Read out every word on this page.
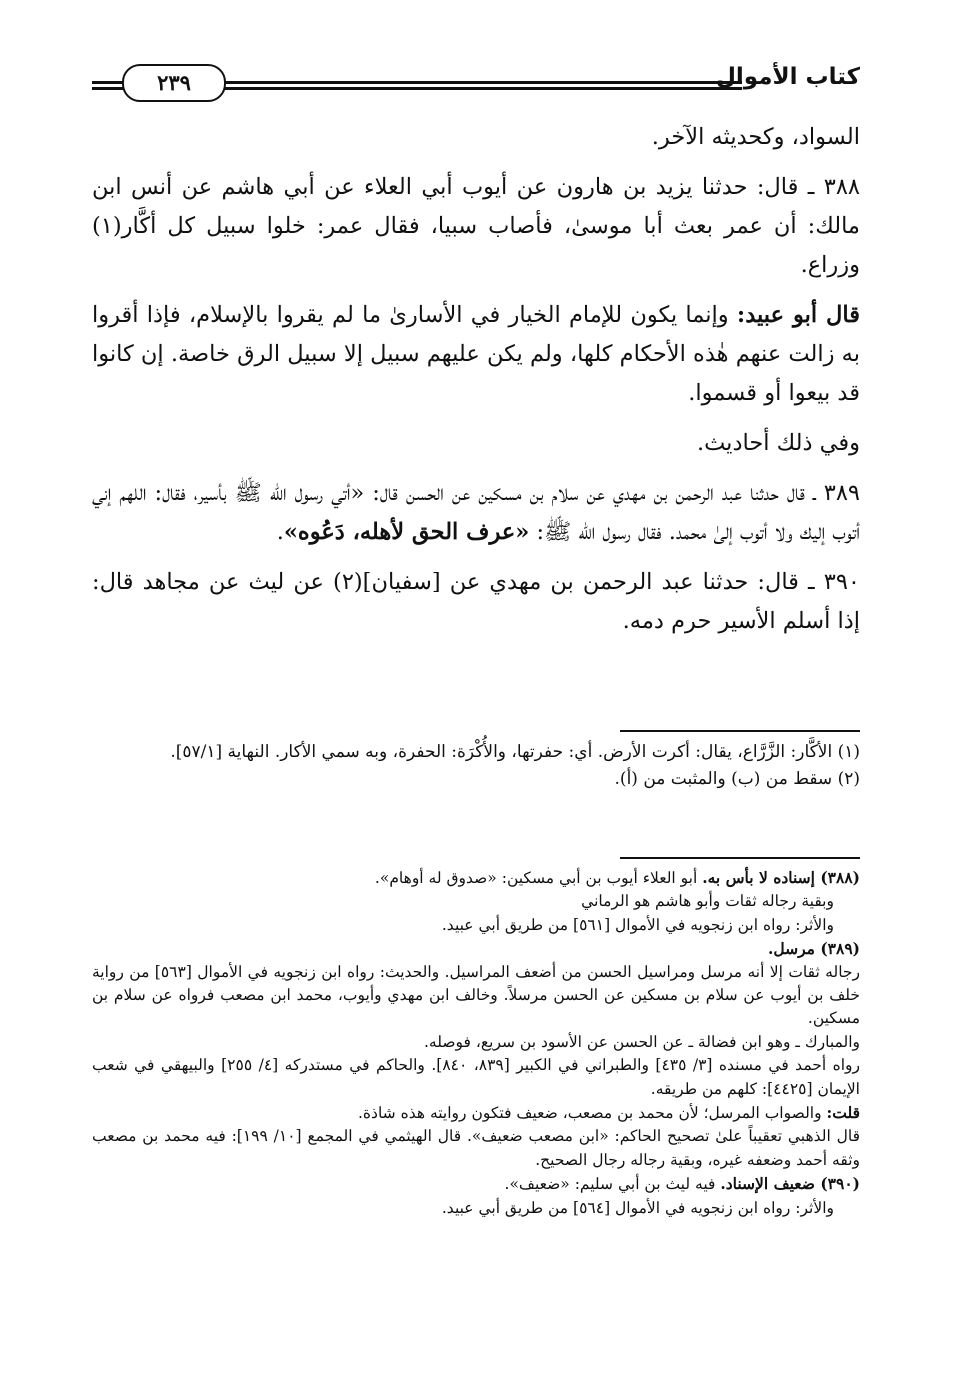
كتاب الأموال
٢٣٩

السواد، وكحديثه الآخر.

٣٨٨ ـ قال: حدثنا يزيد بن هارون عن أيوب أبي العلاء عن أبي هاشم عن أنس ابن مالك: أن عمر بعث أبا موسىٰ، فأصاب سبيا، فقال عمر: خلوا سبيل كل أكَّار(١) وزراع.

قال أبو عبيد: وإنما يكون للإمام الخيار في الأسارىٰ ما لم يقروا بالإسلام، فإذا أقروا به زالت عنهم هٰذه الأحكام كلها، ولم يكن عليهم سبيل إلا سبيل الرق خاصة. إن كانوا قد بيعوا أو قسموا.

وفي ذلك أحاديث.

٣٨٩ ـ قال حدثنا عبد الرحمن بن مهدي عن سلام بن مسكين عن الحسن قال: «أتي رسول الله ﷺ بأسير، فقال: اللهم إني أتوب إليك ولا أتوب إلىٰ محمد. فقال رسول الله ﷺ: «عرف الحق لأهله، دَعُوه».

٣٩٠ ـ قال: حدثنا عبد الرحمن بن مهدي عن [سفيان](٢) عن ليث عن مجاهد قال: إذا أسلم الأسير حرم دمه.

(١) الأكَّار: الزَّرَّاع، يقال: أكرت الأرض. أي: حفرتها، والأُكْرَة: الحفرة، وبه سمي الأكار. النهاية [٥٧/١].

(٢) سقط من (ب) والمثبت من (أ).

(٣٨٨) إسناده لا بأس به. أبو العلاء أيوب بن أبي مسكين: «صدوق له أوهام».

وبقية رجاله ثقات وأبو هاشم هو الرماني

والأثر: رواه ابن زنجويه في الأموال [٥٦١] من طريق أبي عبيد.

(٣٨٩) مرسل.

رجاله ثقات إلا أنه مرسل ومراسيل الحسن من أضعف المراسيل. والحديث: رواه ابن زنجويه في الأموال [٥٦٣] من رواية خلف بن أيوب عن سلام بن مسكين عن الحسن مرسلاً. وخالف ابن مهدي وأيوب، محمد ابن مصعب فرواه عن سلام بن مسكين.

والمبارك ـ وهو ابن فضالة ـ عن الحسن عن الأسود بن سريع، فوصله.

رواه أحمد في مسنده [٣/ ٤٣٥] والطبراني في الكبير [٨٣٩، ٨٤٠]. والحاكم في مستدركه [٤/ ٢٥٥] والبيهقي في شعب الإيمان [٤٤٢٥]: كلهم من طريقه.

قلت: والصواب المرسل؛ لأن محمد بن مصعب، ضعيف فتكون روايته هذه شاذة.

قال الذهبي تعقيباً علىٰ تصحيح الحاكم: «ابن مصعب ضعيف». قال الهيثمي في المجمع [١٠/ ١٩٩]: فيه محمد بن مصعب وثقه أحمد وضعفه غيره، وبقية رجاله رجال الصحيح.

(٣٩٠) ضعيف الإسناد. فيه ليث بن أبي سليم: «ضعيف».

والأثر: رواه ابن زنجويه في الأموال [٥٦٤] من طريق أبي عبيد.
